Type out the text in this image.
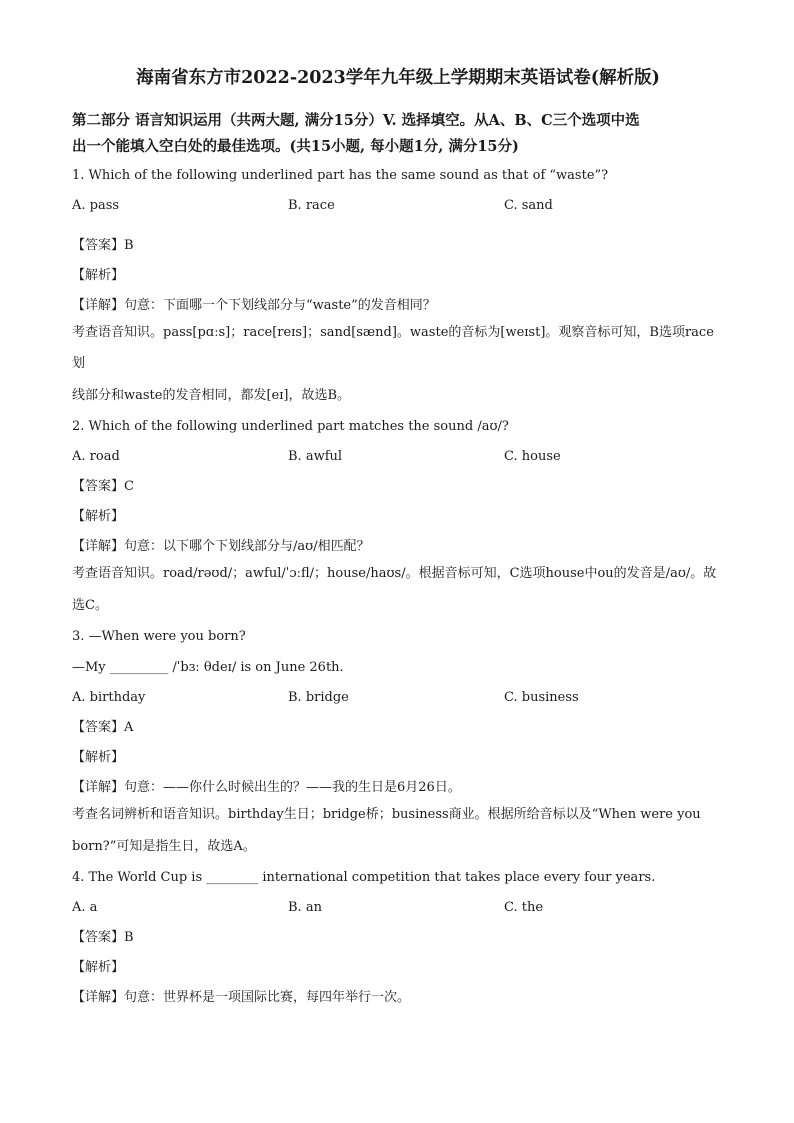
海南省东方市2022-2023学年九年级上学期期末英语试卷(解析版)
第二部分 语言知识运用（共两大题, 满分15分）V. 选择填空。从A、B、C三个选项中选
出一个能填入空白处的最佳选项。(共15小题, 每小题1分, 满分15分)
1. Which of the following underlined part has the same sound as that of “waste”?
A. pass	B. race	C. sand
【答案】B
【解析】
【详解】句意：下面哪一个下划线部分与“waste”的发音相同？
考查语音知识。pass[pɑːs]；race[reɪs]；sand[sænd]。waste的音标为[weɪst]。观察音标可知，B选项race划
线部分和waste的发音相同，都发[eɪ]，故选B。
2. Which of the following underlined part matches the sound /aʊ/?
A. road	B. awful	C. house
【答案】C
【解析】
【详解】句意：以下哪个下划线部分与/aʊ/相匹配？
考查语音知识。road/rəʊd/；awful/ˈɔːfl/；house/haʊs/。根据音标可知，C选项house中ou的发音是/aʊ/。故
选C。
3. —When were you born?
—My _________ /ˈbɜː θdeɪ/ is on June 26th.
A. birthday	B. bridge	C. business
【答案】A
【解析】
【详解】句意：——你什么时候出生的？——我的生日是6月26日。
考查名词辨析和语音知识。birthday生日；bridge桥；business商业。根据所给音标以及“When were you
born?”可知是指生日，故选A。
4. The World Cup is ________ international competition that takes place every four years.
A. a	B. an	C. the
【答案】B
【解析】
【详解】句意：世界杯是一项国际比赛，每四年举行一次。
